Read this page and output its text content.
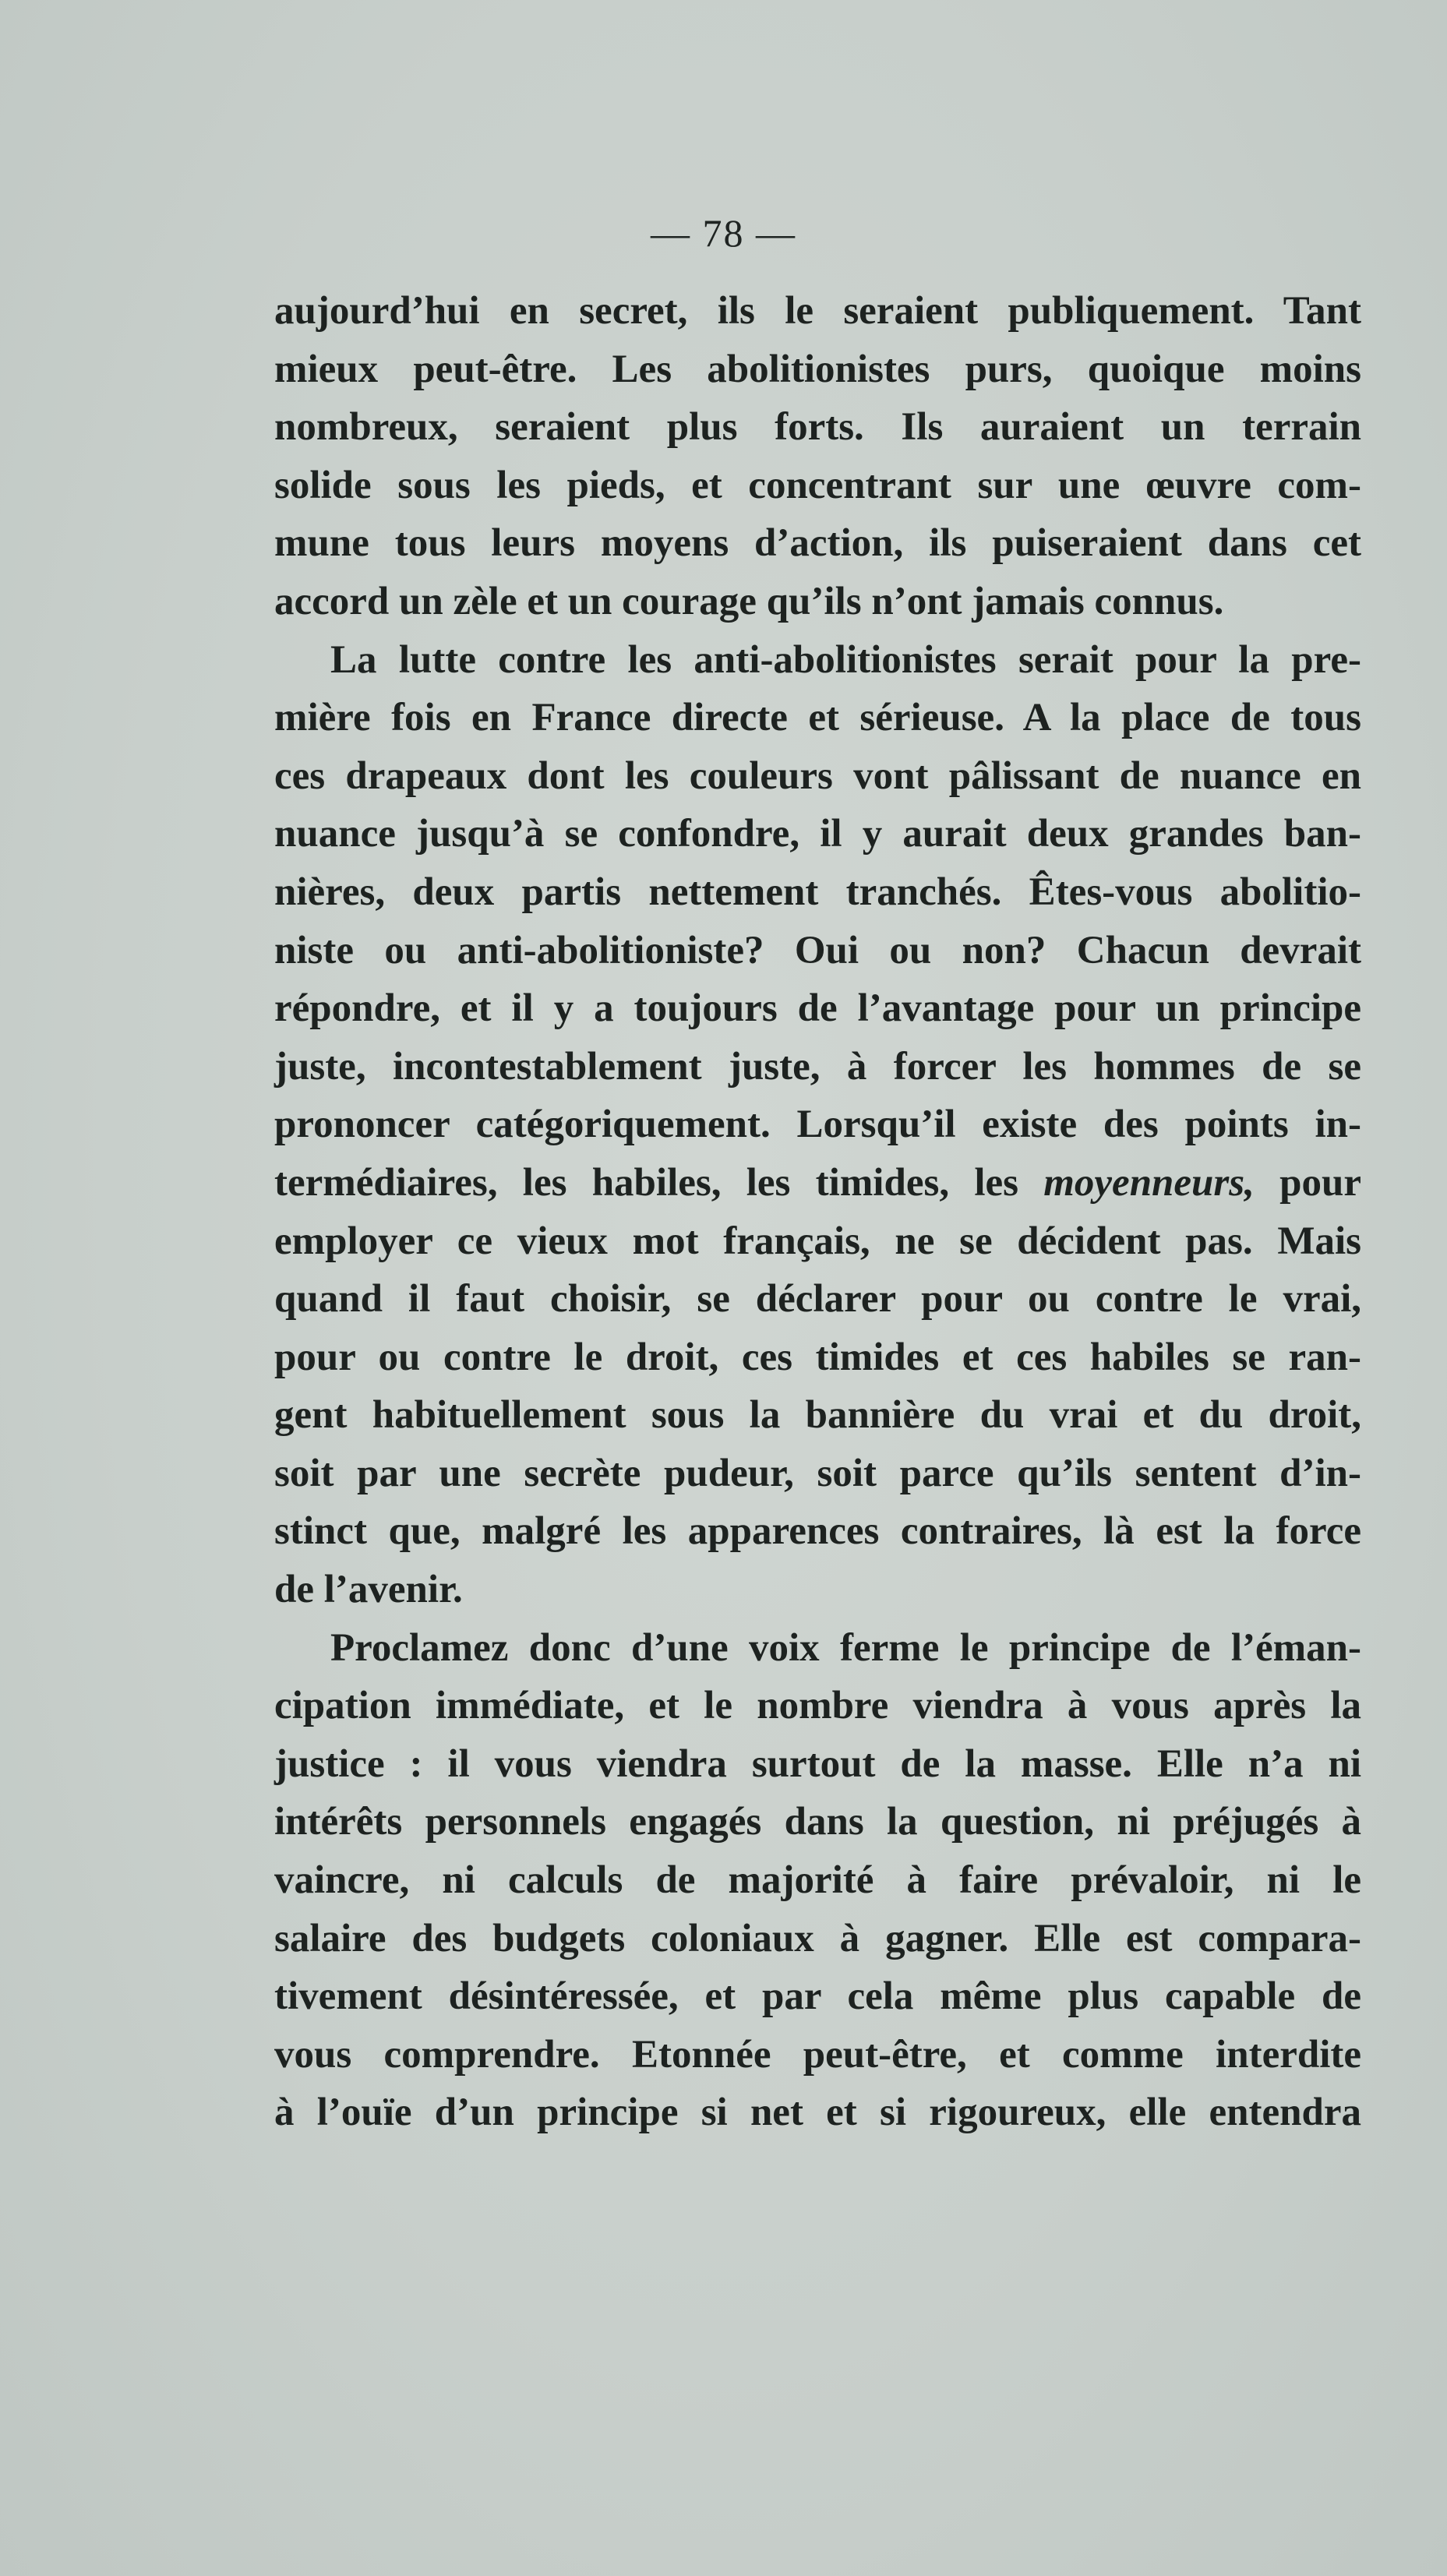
— 78 —
aujourd’hui en secret, ils le seraient publiquement. Tant
mieux peut-être. Les abolitionistes purs, quoique moins
nombreux, seraient plus forts. Ils auraient un terrain
solide sous les pieds, et concentrant sur une œuvre com-
mune tous leurs moyens d’action, ils puiseraient dans cet
accord un zèle et un courage qu’ils n’ont jamais connus.
La lutte contre les anti-abolitionistes serait pour la pre-
mière fois en France directe et sérieuse. A la place de tous
ces drapeaux dont les couleurs vont pâlissant de nuance en
nuance jusqu’à se confondre, il y aurait deux grandes ban-
nières, deux partis nettement tranchés. Êtes-vous abolitio-
niste ou anti-abolitioniste? Oui ou non? Chacun devrait
répondre, et il y a toujours de l’avantage pour un principe
juste, incontestablement juste, à forcer les hommes de se
prononcer catégoriquement. Lorsqu’il existe des points in-
termédiaires, les habiles, les timides, les moyenneurs, pour
employer ce vieux mot français, ne se décident pas. Mais
quand il faut choisir, se déclarer pour ou contre le vrai,
pour ou contre le droit, ces timides et ces habiles se ran-
gent habituellement sous la bannière du vrai et du droit,
soit par une secrète pudeur, soit parce qu’ils sentent d’in-
stinct que, malgré les apparences contraires, là est la force
de l’avenir.
Proclamez donc d’une voix ferme le principe de l’éman-
cipation immédiate, et le nombre viendra à vous après la
justice : il vous viendra surtout de la masse. Elle n’a ni
intérêts personnels engagés dans la question, ni préjugés à
vaincre, ni calculs de majorité à faire prévaloir, ni le
salaire des budgets coloniaux à gagner. Elle est compara-
tivement désintéressée, et par cela même plus capable de
vous comprendre. Etonnée peut-être, et comme interdite
à l’ouïe d’un principe si net et si rigoureux, elle entendra
